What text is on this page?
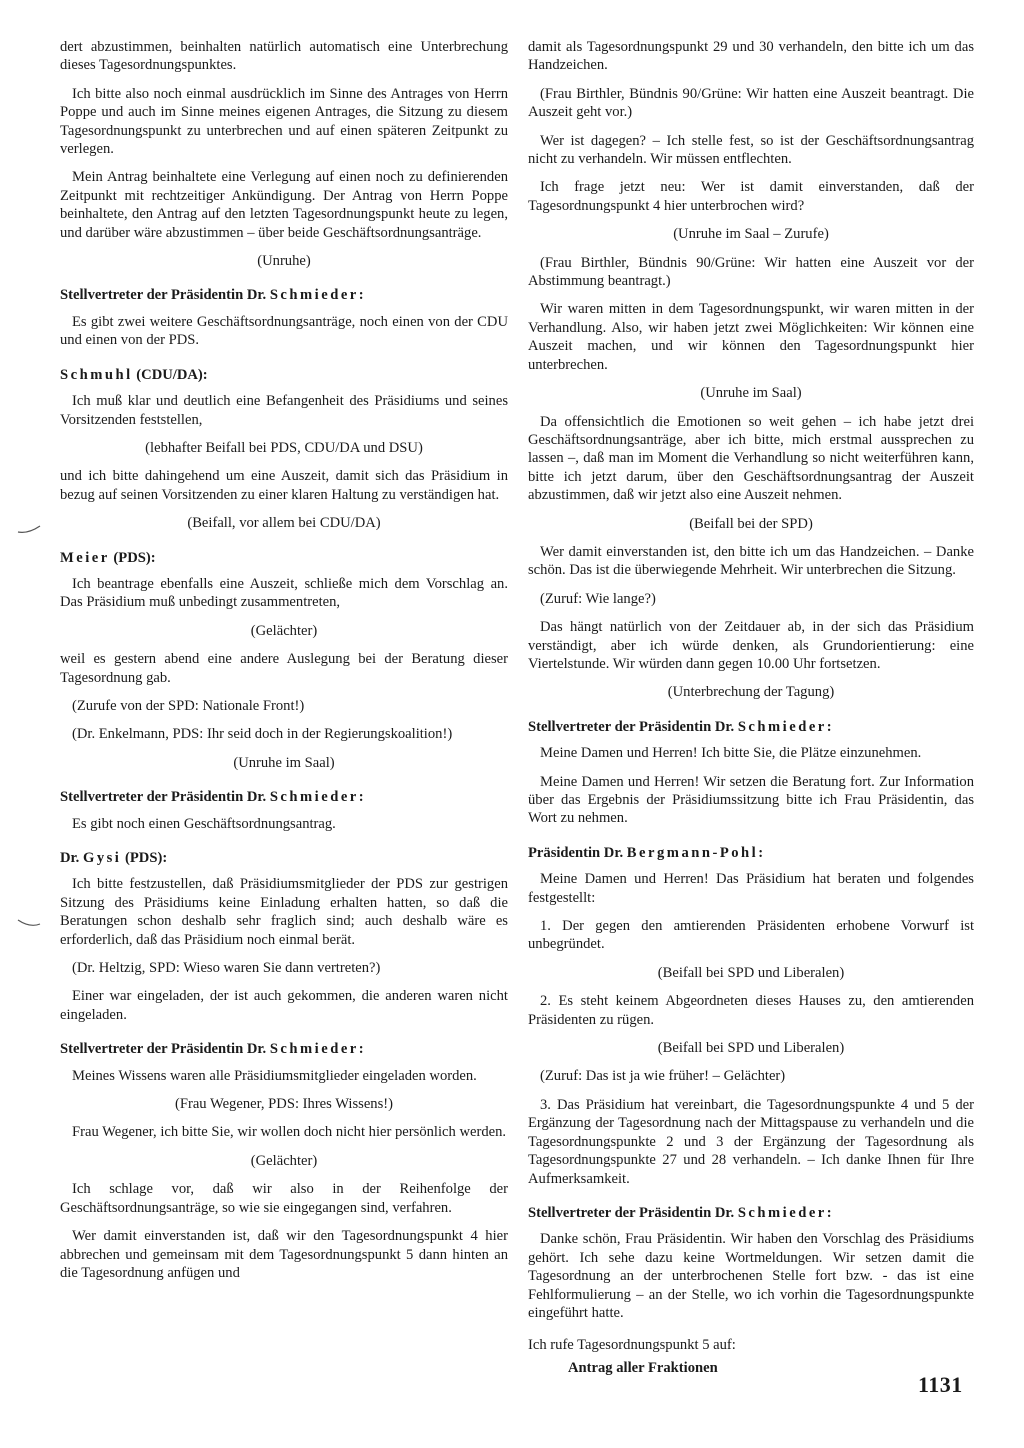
dert abzustimmen, beinhalten natürlich automatisch eine Unterbrechung dieses Tagesordnungspunktes.

Ich bitte also noch einmal ausdrücklich im Sinne des Antrages von Herrn Poppe und auch im Sinne meines eigenen Antrages, die Sitzung zu diesem Tagesordnungspunkt zu unterbrechen und auf einen späteren Zeitpunkt zu verlegen.

Mein Antrag beinhaltete eine Verlegung auf einen noch zu definierenden Zeitpunkt mit rechtzeitiger Ankündigung. Der Antrag von Herrn Poppe beinhaltete, den Antrag auf den letzten Tagesordnungspunkt heute zu legen, und darüber wäre abzustimmen – über beide Geschäftsordnungsanträge.

(Unruhe)

Stellvertreter der Präsidentin Dr. Schmieder:

Es gibt zwei weitere Geschäftsordnungsanträge, noch einen von der CDU und einen von der PDS.

Schmuhl (CDU/DA):

Ich muß klar und deutlich eine Befangenheit des Präsidiums und seines Vorsitzenden feststellen,

(lebhafter Beifall bei PDS, CDU/DA und DSU)

und ich bitte dahingehend um eine Auszeit, damit sich das Präsidium in bezug auf seinen Vorsitzenden zu einer klaren Haltung zu verständigen hat.

(Beifall, vor allem bei CDU/DA)

Meier (PDS):

Ich beantrage ebenfalls eine Auszeit, schließe mich dem Vorschlag an. Das Präsidium muß unbedingt zusammentreten,

(Gelächter)

weil es gestern abend eine andere Auslegung bei der Beratung dieser Tagesordnung gab.

(Zurufe von der SPD: Nationale Front!)

(Dr. Enkelmann, PDS: Ihr seid doch in der Regierungskoalition!)

(Unruhe im Saal)

Stellvertreter der Präsidentin Dr. Schmieder:

Es gibt noch einen Geschäftsordnungsantrag.

Dr. Gysi (PDS):

Ich bitte festzustellen, daß Präsidiumsmitglieder der PDS zur gestrigen Sitzung des Präsidiums keine Einladung erhalten hatten, so daß die Beratungen schon deshalb sehr fraglich sind; auch deshalb wäre es erforderlich, daß das Präsidium noch einmal berät.

(Dr. Heltzig, SPD: Wieso waren Sie dann vertreten?)

Einer war eingeladen, der ist auch gekommen, die anderen waren nicht eingeladen.

Stellvertreter der Präsidentin Dr. Schmieder:

Meines Wissens waren alle Präsidiumsmitglieder eingeladen worden.

(Frau Wegener, PDS: Ihres Wissens!)

Frau Wegener, ich bitte Sie, wir wollen doch nicht hier persönlich werden.

(Gelächter)

Ich schlage vor, daß wir also in der Reihenfolge der Geschäftsordnungsanträge, so wie sie eingegangen sind, verfahren.

Wer damit einverstanden ist, daß wir den Tagesordnungspunkt 4 hier abbrechen und gemeinsam mit dem Tagesordnungspunkt 5 dann hinten an die Tagesordnung anfügen und

damit als Tagesordnungspunkt 29 und 30 verhandeln, den bitte ich um das Handzeichen.

(Frau Birthler, Bündnis 90/Grüne: Wir hatten eine Auszeit beantragt. Die Auszeit geht vor.)

Wer ist dagegen? – Ich stelle fest, so ist der Geschäftsordnungsantrag nicht zu verhandeln. Wir müssen entflechten.

Ich frage jetzt neu: Wer ist damit einverstanden, daß der Tagesordnungspunkt 4 hier unterbrochen wird?

(Unruhe im Saal – Zurufe)

(Frau Birthler, Bündnis 90/Grüne: Wir hatten eine Auszeit vor der Abstimmung beantragt.)

Wir waren mitten in dem Tagesordnungspunkt, wir waren mitten in der Verhandlung. Also, wir haben jetzt zwei Möglichkeiten: Wir können eine Auszeit machen, und wir können den Tagesordnungspunkt hier unterbrechen.

(Unruhe im Saal)

Da offensichtlich die Emotionen so weit gehen – ich habe jetzt drei Geschäftsordnungsanträge, aber ich bitte, mich erstmal aussprechen zu lassen –, daß man im Moment die Verhandlung so nicht weiterführen kann, bitte ich jetzt darum, über den Geschäftsordnungsantrag der Auszeit abzustimmen, daß wir jetzt also eine Auszeit nehmen.

(Beifall bei der SPD)

Wer damit einverstanden ist, den bitte ich um das Handzeichen. – Danke schön. Das ist die überwiegende Mehrheit. Wir unterbrechen die Sitzung.

(Zuruf: Wie lange?)

Das hängt natürlich von der Zeitdauer ab, in der sich das Präsidium verständigt, aber ich würde denken, als Grundorientierung: eine Viertelstunde. Wir würden dann gegen 10.00 Uhr fortsetzen.

(Unterbrechung der Tagung)

Stellvertreter der Präsidentin Dr. Schmieder:

Meine Damen und Herren! Ich bitte Sie, die Plätze einzunehmen.

Meine Damen und Herren! Wir setzen die Beratung fort. Zur Information über das Ergebnis der Präsidiumssitzung bitte ich Frau Präsidentin, das Wort zu nehmen.

Präsidentin Dr. Bergmann-Pohl:

Meine Damen und Herren! Das Präsidium hat beraten und folgendes festgestellt:

1. Der gegen den amtierenden Präsidenten erhobene Vorwurf ist unbegründet.

(Beifall bei SPD und Liberalen)

2. Es steht keinem Abgeordneten dieses Hauses zu, den amtierenden Präsidenten zu rügen.

(Beifall bei SPD und Liberalen)

(Zuruf: Das ist ja wie früher! – Gelächter)

3. Das Präsidium hat vereinbart, die Tagesordnungspunkte 4 und 5 der Ergänzung der Tagesordnung nach der Mittagspause zu verhandeln und die Tagesordnungspunkte 2 und 3 der Ergänzung der Tagesordnung als Tagesordnungspunkte 27 und 28 verhandeln. – Ich danke Ihnen für Ihre Aufmerksamkeit.

Stellvertreter der Präsidentin Dr. Schmieder:

Danke schön, Frau Präsidentin. Wir haben den Vorschlag des Präsidiums gehört. Ich sehe dazu keine Wortmeldungen. Wir setzen damit die Tagesordnung an der unterbrochenen Stelle fort bzw. - das ist eine Fehlformulierung – an der Stelle, wo ich vorhin die Tagesordnungspunkte eingeführt hatte.

Ich rufe Tagesordnungspunkt 5 auf:

Antrag aller Fraktionen

1131
